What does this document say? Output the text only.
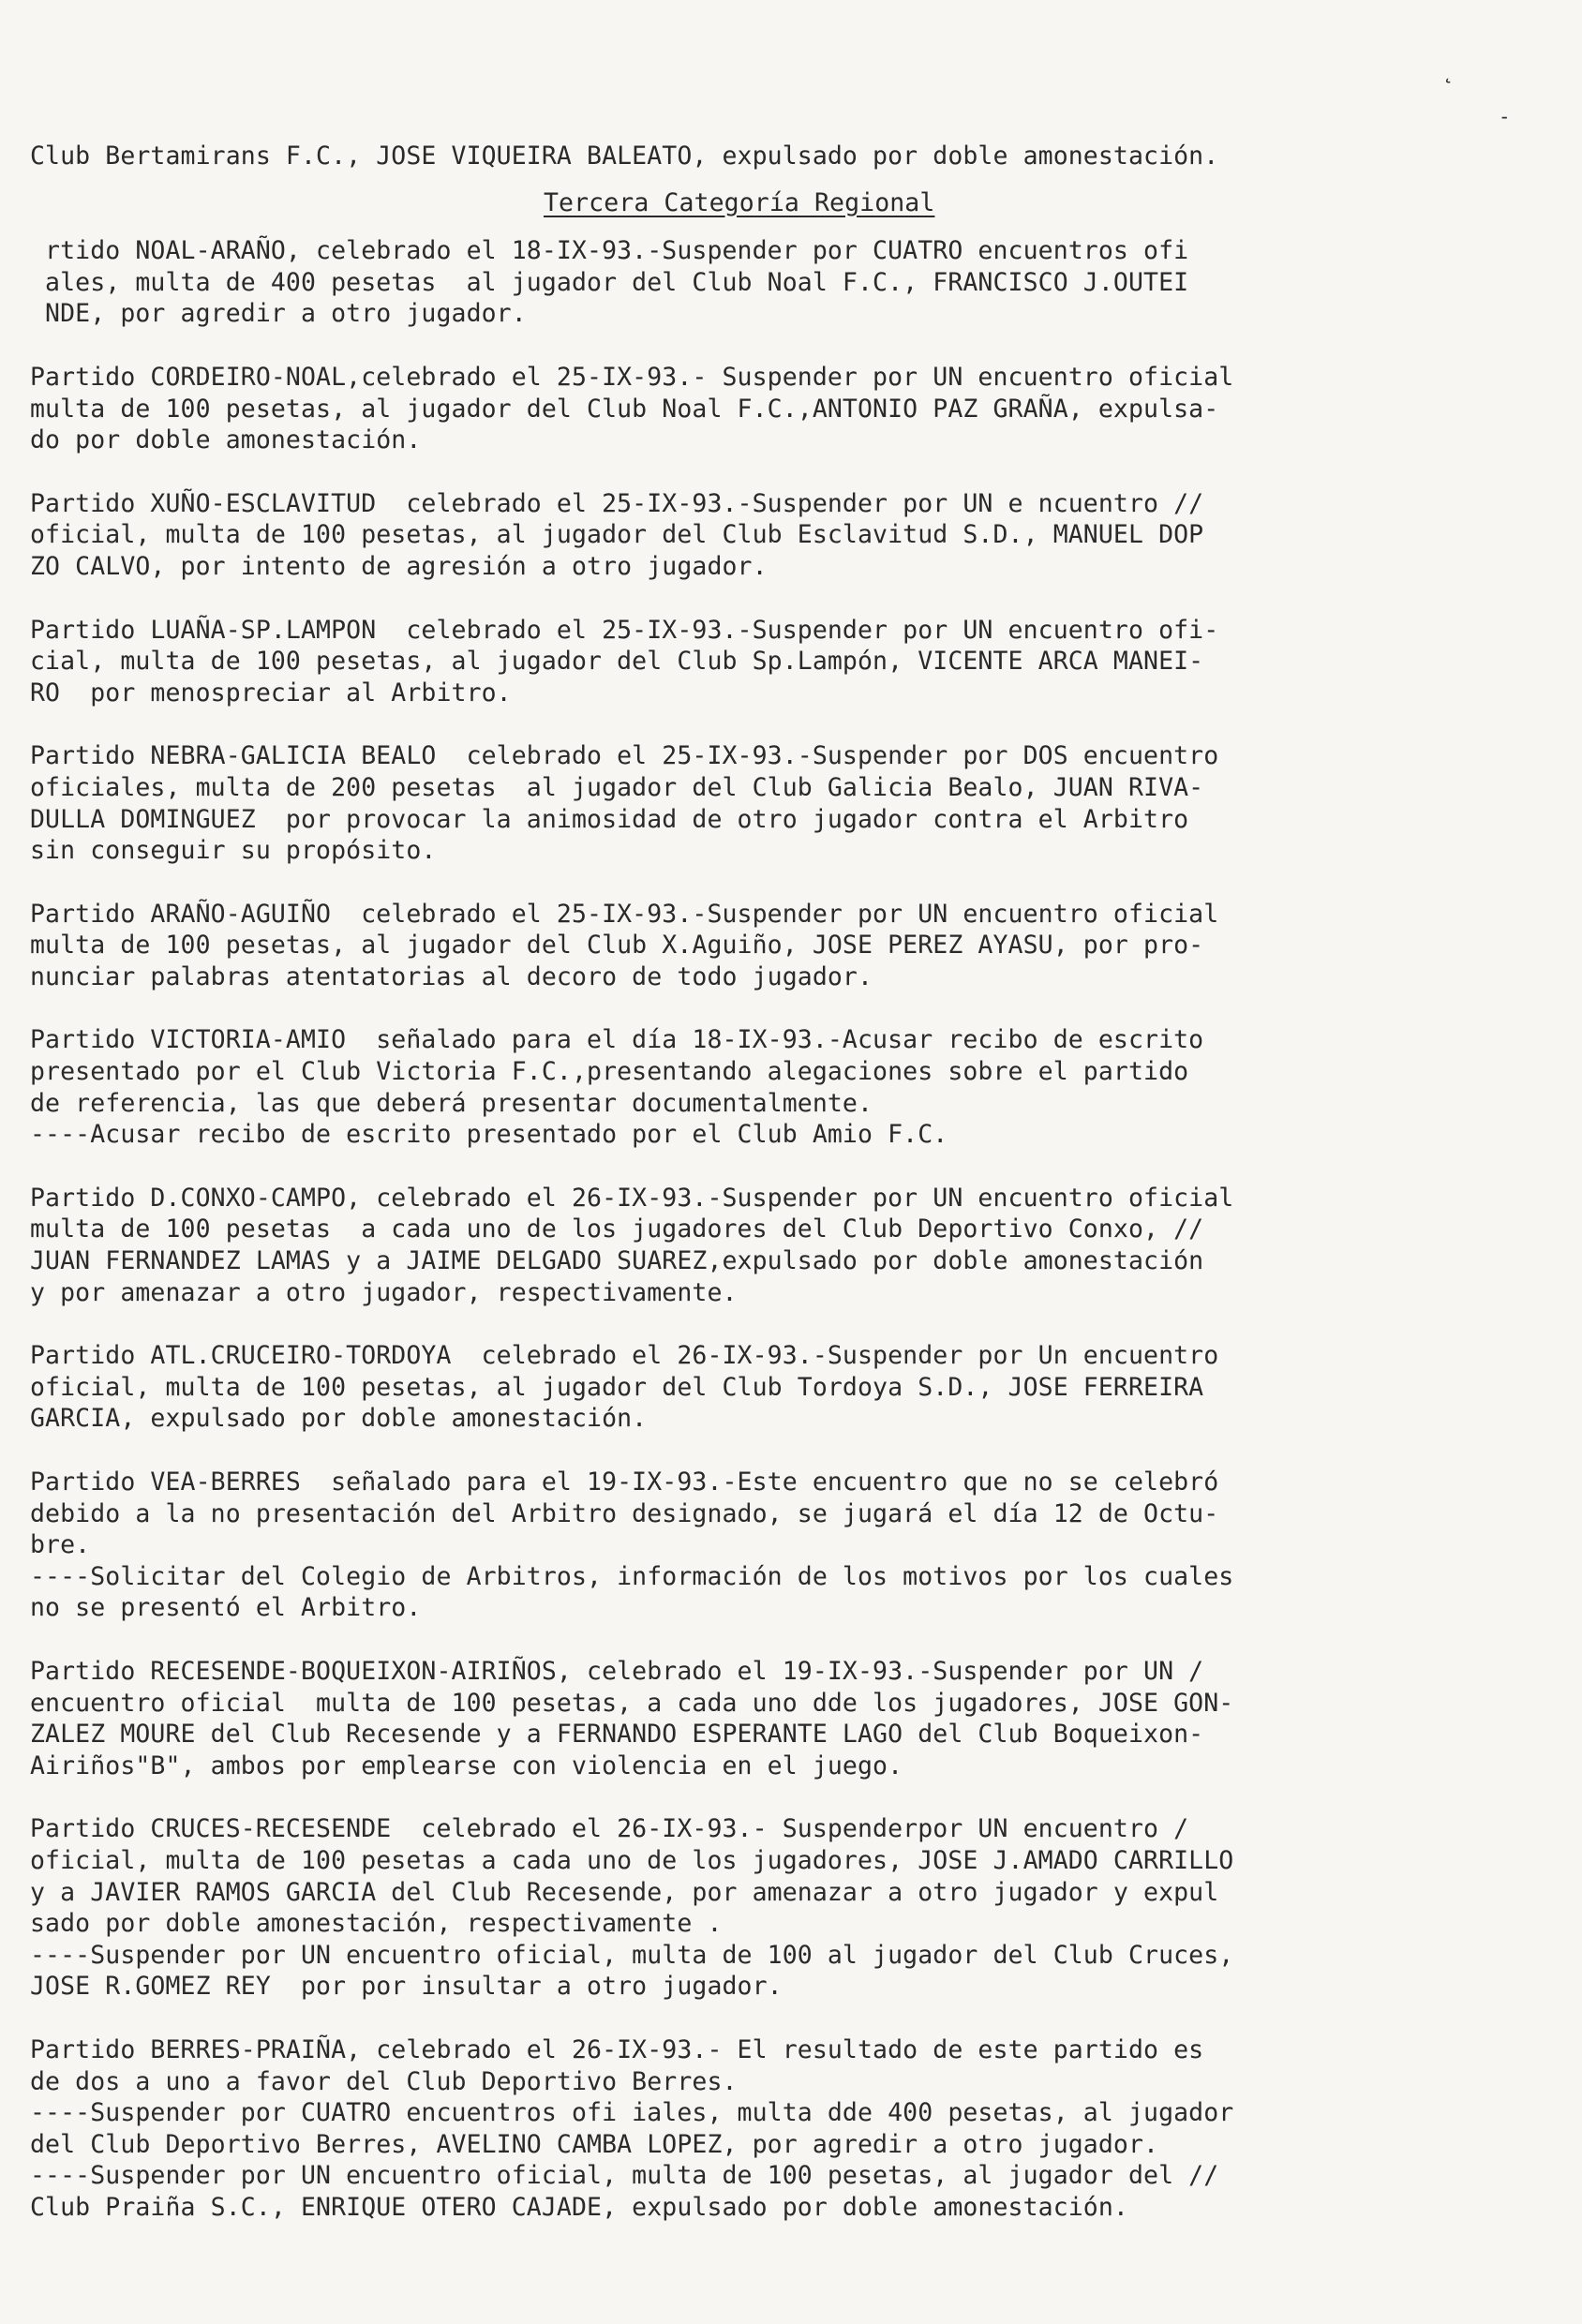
˛
˗
Club Bertamirans F.C., JOSE VIQUEIRA BALEATO, expulsado por doble amonestación.
Tercera Categoría Regional
rtido NOAL-ARAÑO, celebrado el 18-IX-93.-Suspender por CUATRO encuentros ofi
ales, multa de 400 pesetas  al jugador del Club Noal F.C., FRANCISCO J.OUTEI
NDE, por agredir a otro jugador.
Partido CORDEIRO-NOAL,celebrado el 25-IX-93.- Suspender por UN encuentro oficial
multa de 100 pesetas, al jugador del Club Noal F.C.,ANTONIO PAZ GRAÑA, expulsa-
do por doble amonestación.
Partido XUÑO-ESCLAVITUD  celebrado el 25-IX-93.-Suspender por UN e ncuentro //
oficial, multa de 100 pesetas, al jugador del Club Esclavitud S.D., MANUEL DOP
ZO CALVO, por intento de agresión a otro jugador.
Partido LUAÑA-SP.LAMPON  celebrado el 25-IX-93.-Suspender por UN encuentro ofi-
cial, multa de 100 pesetas, al jugador del Club Sp.Lampón, VICENTE ARCA MANEI-
RO  por menospreciar al Arbitro.
Partido NEBRA-GALICIA BEALO  celebrado el 25-IX-93.-Suspender por DOS encuentro
oficiales, multa de 200 pesetas  al jugador del Club Galicia Bealo, JUAN RIVA-
DULLA DOMINGUEZ  por provocar la animosidad de otro jugador contra el Arbitro
sin conseguir su propósito.
Partido ARAÑO-AGUIÑO  celebrado el 25-IX-93.-Suspender por UN encuentro oficial
multa de 100 pesetas, al jugador del Club X.Aguiño, JOSE PEREZ AYASU, por pro-
nunciar palabras atentatorias al decoro de todo jugador.
Partido VICTORIA-AMIO  señalado para el día 18-IX-93.-Acusar recibo de escrito
presentado por el Club Victoria F.C.,presentando alegaciones sobre el partido
de referencia, las que deberá presentar documentalmente.
----Acusar recibo de escrito presentado por el Club Amio F.C.
Partido D.CONXO-CAMPO, celebrado el 26-IX-93.-Suspender por UN encuentro oficial
multa de 100 pesetas  a cada uno de los jugadores del Club Deportivo Conxo, //
JUAN FERNANDEZ LAMAS y a JAIME DELGADO SUAREZ,expulsado por doble amonestación
y por amenazar a otro jugador, respectivamente.
Partido ATL.CRUCEIRO-TORDOYA  celebrado el 26-IX-93.-Suspender por Un encuentro
oficial, multa de 100 pesetas, al jugador del Club Tordoya S.D., JOSE FERREIRA
GARCIA, expulsado por doble amonestación.
Partido VEA-BERRES  señalado para el 19-IX-93.-Este encuentro que no se celebró
debido a la no presentación del Arbitro designado, se jugará el día 12 de Octu-
bre.
----Solicitar del Colegio de Arbitros, información de los motivos por los cuales
no se presentó el Arbitro.
Partido RECESENDE-BOQUEIXON-AIRIÑOS, celebrado el 19-IX-93.-Suspender por UN /
encuentro oficial  multa de 100 pesetas, a cada uno dde los jugadores, JOSE GON-
ZALEZ MOURE del Club Recesende y a FERNANDO ESPERANTE LAGO del Club Boqueixon-
Airiños"B", ambos por emplearse con violencia en el juego.
Partido CRUCES-RECESENDE  celebrado el 26-IX-93.- Suspenderpor UN encuentro /
oficial, multa de 100 pesetas a cada uno de los jugadores, JOSE J.AMADO CARRILLO
y a JAVIER RAMOS GARCIA del Club Recesende, por amenazar a otro jugador y expul
sado por doble amonestación, respectivamente .
----Suspender por UN encuentro oficial, multa de 100 al jugador del Club Cruces,
JOSE R.GOMEZ REY  por por insultar a otro jugador.
Partido BERRES-PRAIÑA, celebrado el 26-IX-93.- El resultado de este partido es
de dos a uno a favor del Club Deportivo Berres.
----Suspender por CUATRO encuentros ofi iales, multa dde 400 pesetas, al jugador
del Club Deportivo Berres, AVELINO CAMBA LOPEZ, por agredir a otro jugador.
----Suspender por UN encuentro oficial, multa de 100 pesetas, al jugador del //
Club Praiña S.C., ENRIQUE OTERO CAJADE, expulsado por doble amonestación.
